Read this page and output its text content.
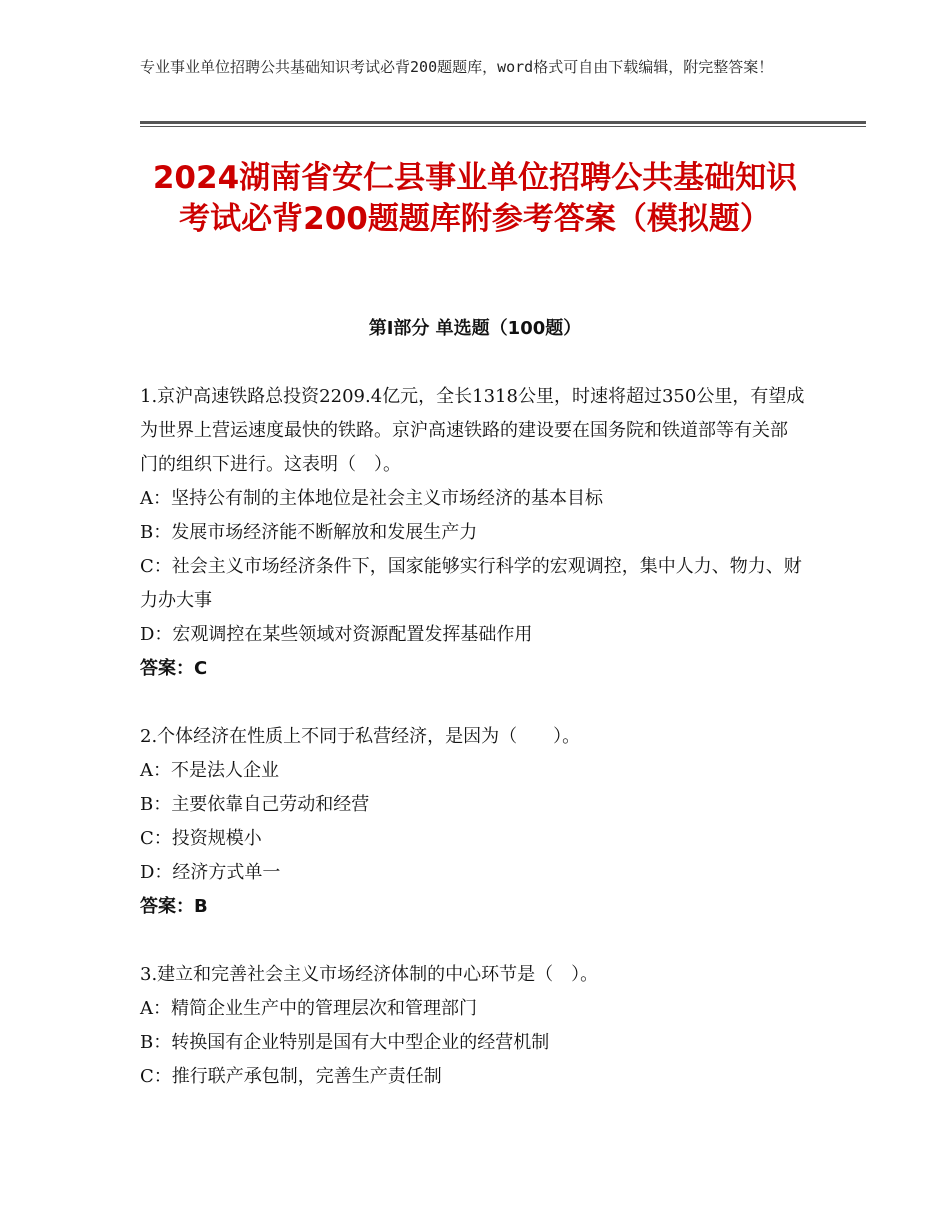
专业事业单位招聘公共基础知识考试必背200题题库，word格式可自由下载编辑，附完整答案！
2024湖南省安仁县事业单位招聘公共基础知识考试必背200题题库附参考答案（模拟题）
第Ⅰ部分 单选题（100题）

1.京沪高速铁路总投资2209.4亿元，全长1318公里，时速将超过350公里，有望成为世界上营运速度最快的铁路。京沪高速铁路的建设要在国务院和铁道部等有关部门的组织下进行。这表明（　）。

A：坚持公有制的主体地位是社会主义市场经济的基本目标

B：发展市场经济能不断解放和发展生产力

C：社会主义市场经济条件下，国家能够实行科学的宏观调控，集中人力、物力、财力办大事

D：宏观调控在某些领域对资源配置发挥基础作用

答案：C

2.个体经济在性质上不同于私营经济，是因为（　　）。

A：不是法人企业

B：主要依靠自己劳动和经营

C：投资规模小

D：经济方式单一

答案：B

3.建立和完善社会主义市场经济体制的中心环节是（　）。

A：精简企业生产中的管理层次和管理部门

B：转换国有企业特别是国有大中型企业的经营机制

C：推行联产承包制，完善生产责任制
